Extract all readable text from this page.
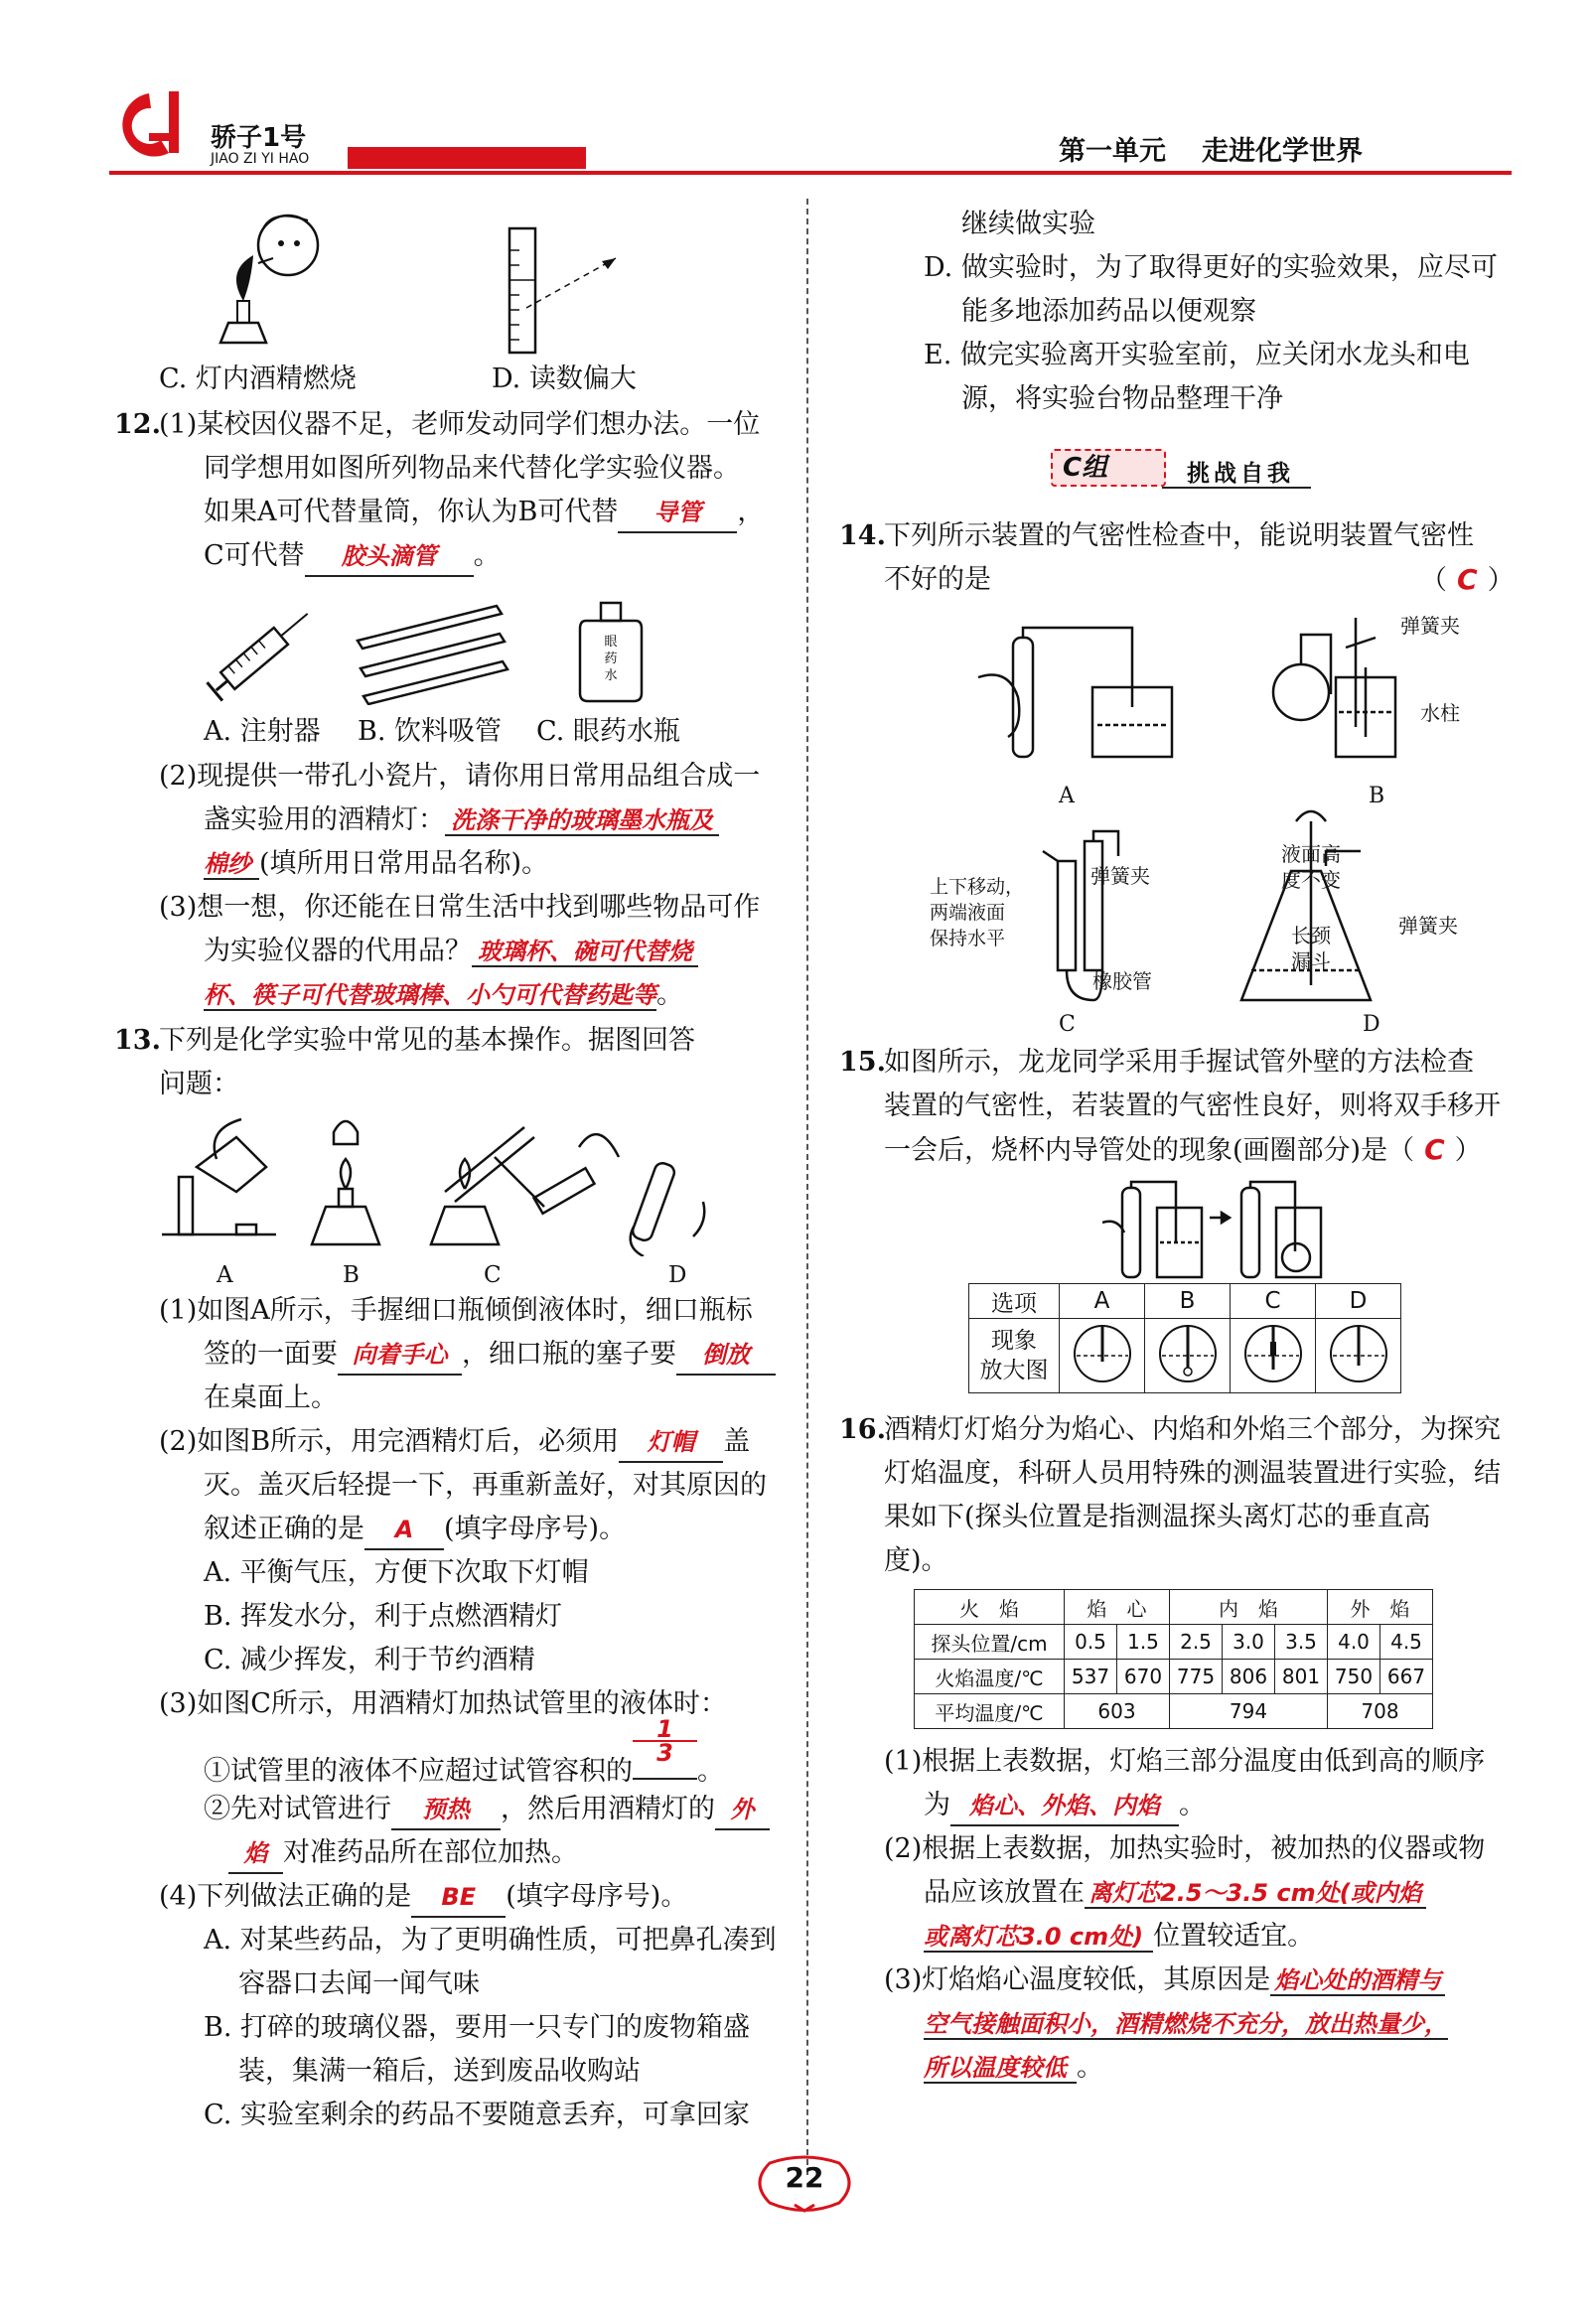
骄子1号
JIAO ZI YI HAO	第一单元 走进化学世界
C. 灯内酒精燃烧	D. 读数偏大
12.
(1)某校因仪器不足，老师发动同学们想办法。一位
同学想用如图所列物品来代替化学实验仪器。
如果A可代替量筒，你认为B可代替 导管 ，
C可代替 胶头滴管 。
眼
药
水
A. 注射器 B. 饮料吸管 C. 眼药水瓶
(2)现提供一带孔小瓷片，请你用日常用品组合成一
盏实验用的酒精灯： 洗涤干净的玻璃墨水瓶及
棉纱 (填所用日常用品名称)。
(3)想一想，你还能在日常生活中找到哪些物品可作
为实验仪器的代用品？ 玻璃杯、碗可代替烧
杯、筷子可代替玻璃棒、小勺可代替药匙等。
13.
下列是化学实验中常见的基本操作。据图回答
问题：
A	B	C	D
(1)如图A所示，手握细口瓶倾倒液体时，细口瓶标
签的一面要 向着手心 ，细口瓶的塞子要 倒放
在桌面上。
(2)如图B所示，用完酒精灯后，必须用 灯帽 盖
灭。盖灭后轻提一下，再重新盖好，对其原因的
叙述正确的是 A (填字母序号)。
A. 平衡气压，方便下次取下灯帽
B. 挥发水分，利于点燃酒精灯
C. 减少挥发，利于节约酒精
(3)如图C所示，用酒精灯加热试管里的液体时：
①试管里的液体不应超过试管容积的 $\frac{1}{3}$ 。
②先对试管进行 预热 ，然后用酒精灯的 外
焰 对准药品所在部位加热。
(4)下列做法正确的是 BE (填字母序号)。
A. 对某些药品，为了更明确性质，可把鼻孔凑到
容器口去闻一闻气味
B. 打碎的玻璃仪器，要用一只专门的废物箱盛
装，集满一箱后，送到废品收购站
C. 实验室剩余的药品不要随意丢弃，可拿回家
继续做实验
D. 做实验时，为了取得更好的实验效果，应尽可
能多地添加药品以便观察
E. 做完实验离开实验室前，应关闭水龙头和电
源，将实验台物品整理干净
C组	挑战自我
14.
下列所示装置的气密性检查中，能说明装置气密性
不好的是	（ C ）
弹簧夹
水柱
A	B
上下移动，
两端液面
保持水平
弹簧夹
橡胶管
液面高
度不变
弹簧夹
长颈
漏斗
C	D
15.
如图所示，龙龙同学采用手握试管外壁的方法检查
装置的气密性，若装置的气密性良好，则将双手移开
一会后，烧杯内导管处的现象(画圈部分)是（ C ）
选项	A	B	C	D

现象
放大图

16.
酒精灯灯焰分为焰心、内焰和外焰三个部分，为探究
灯焰温度，科研人员用特殊的测温装置进行实验，结
果如下(探头位置是指测温探头离灯芯的垂直高
度)。
火　焰	焰　心		内　焰			外　焰	
探头位置/cm	0.5	1.5	2.5	3.0	3.5	4.0	4.5
火焰温度/℃	537	670	775	806	801	750	667
平均温度/℃	603		794			708	
(1)根据上表数据，灯焰三部分温度由低到高的顺序
为 焰心、外焰、内焰 。
(2)根据上表数据，加热实验时，被加热的仪器或物
品应该放置在 离灯芯2.5～3.5 cm处(或内焰
或离灯芯3.0 cm处) 位置较适宜。
(3)灯焰焰心温度较低，其原因是 焰心处的酒精与
空气接触面积小，酒精燃烧不充分，放出热量少，
所以温度较低 。
22
